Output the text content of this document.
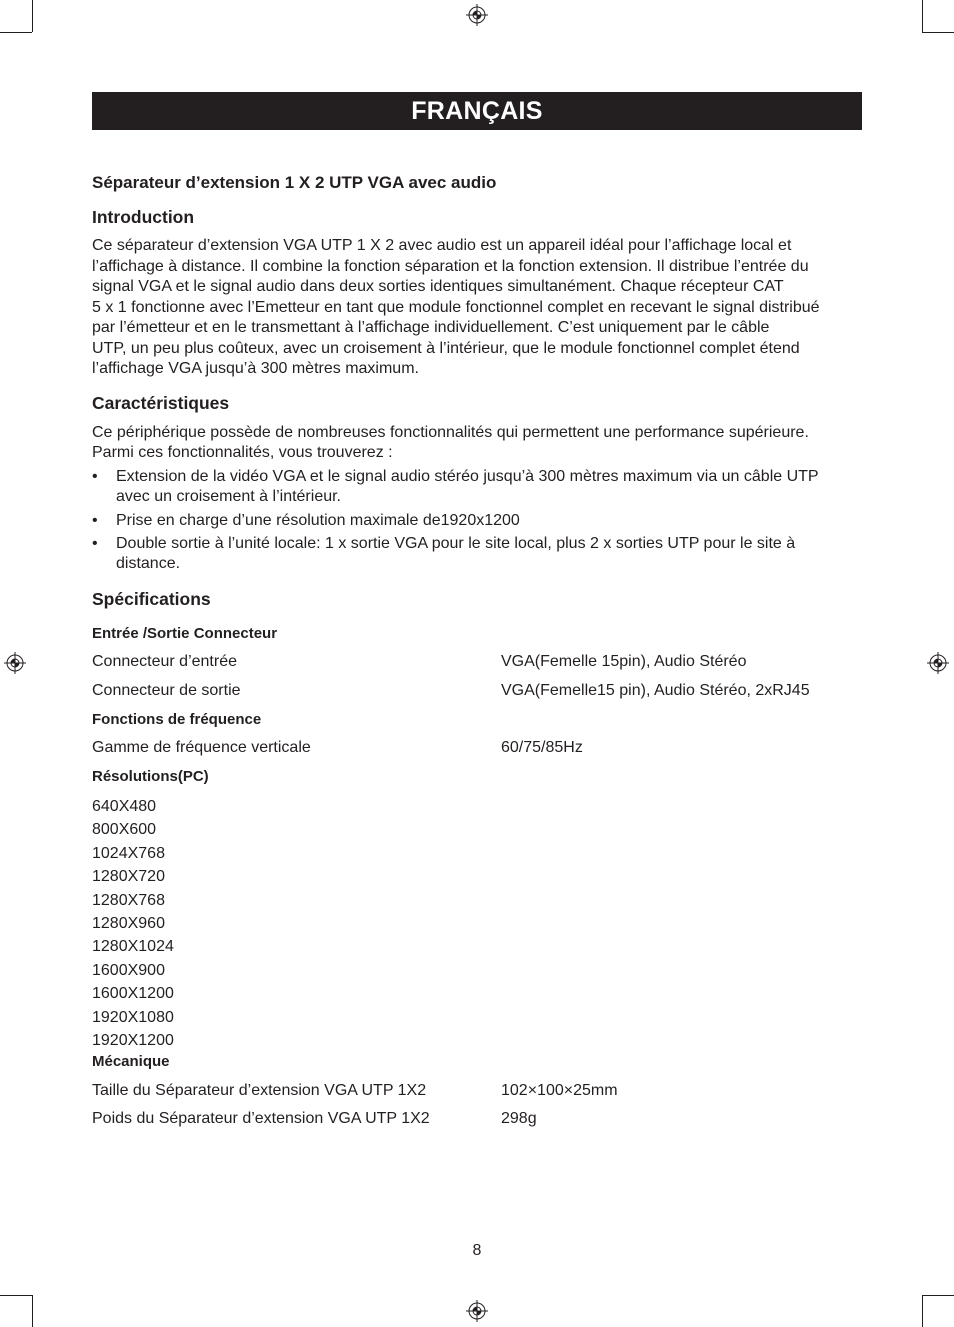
FRANÇAIS
Séparateur d’extension 1 X 2 UTP VGA avec audio
Introduction
Ce séparateur d’extension VGA UTP 1 X 2 avec audio est un appareil idéal pour l’affichage local et
l’affichage à distance. Il combine la fonction séparation et la fonction extension. Il distribue l’entrée du
signal VGA et le signal audio dans deux sorties identiques simultanément. Chaque récepteur CAT
5 x 1 fonctionne avec l’Emetteur en tant que module fonctionnel complet en recevant le signal distribué
par l’émetteur et en le transmettant à l’affichage individuellement. C’est uniquement par le câble
UTP, un peu plus coûteux, avec un croisement à l’intérieur, que le module fonctionnel complet étend
l’affichage VGA jusqu’à 300 mètres maximum.
Caractéristiques
Ce périphérique possède de nombreuses fonctionnalités qui permettent une performance supérieure.
Parmi ces fonctionnalités, vous trouverez :
• Extension de la vidéo VGA et le signal audio stéréo jusqu’à 300 mètres maximum via un câble UTP
avec un croisement à l’intérieur.
• Prise en charge d’une résolution maximale de1920x1200
• Double sortie à l’unité locale: 1 x sortie VGA pour le site local, plus 2 x sorties UTP pour le site à
distance.
Spécifications
Entrée /Sortie Connecteur
Connecteur d’entrée	VGA(Femelle 15pin), Audio Stéréo
Connecteur de sortie	VGA(Femelle15 pin), Audio Stéréo, 2xRJ45
Fonctions de fréquence
Gamme de fréquence verticale	60/75/85Hz
Résolutions(PC)
640X480
800X600
1024X768
1280X720
1280X768
1280X960
1280X1024
1600X900
1600X1200
1920X1080
1920X1200
Mécanique
Taille du Séparateur d’extension VGA UTP 1X2	102×100×25mm
Poids du Séparateur d’extension VGA UTP 1X2	298g
8
